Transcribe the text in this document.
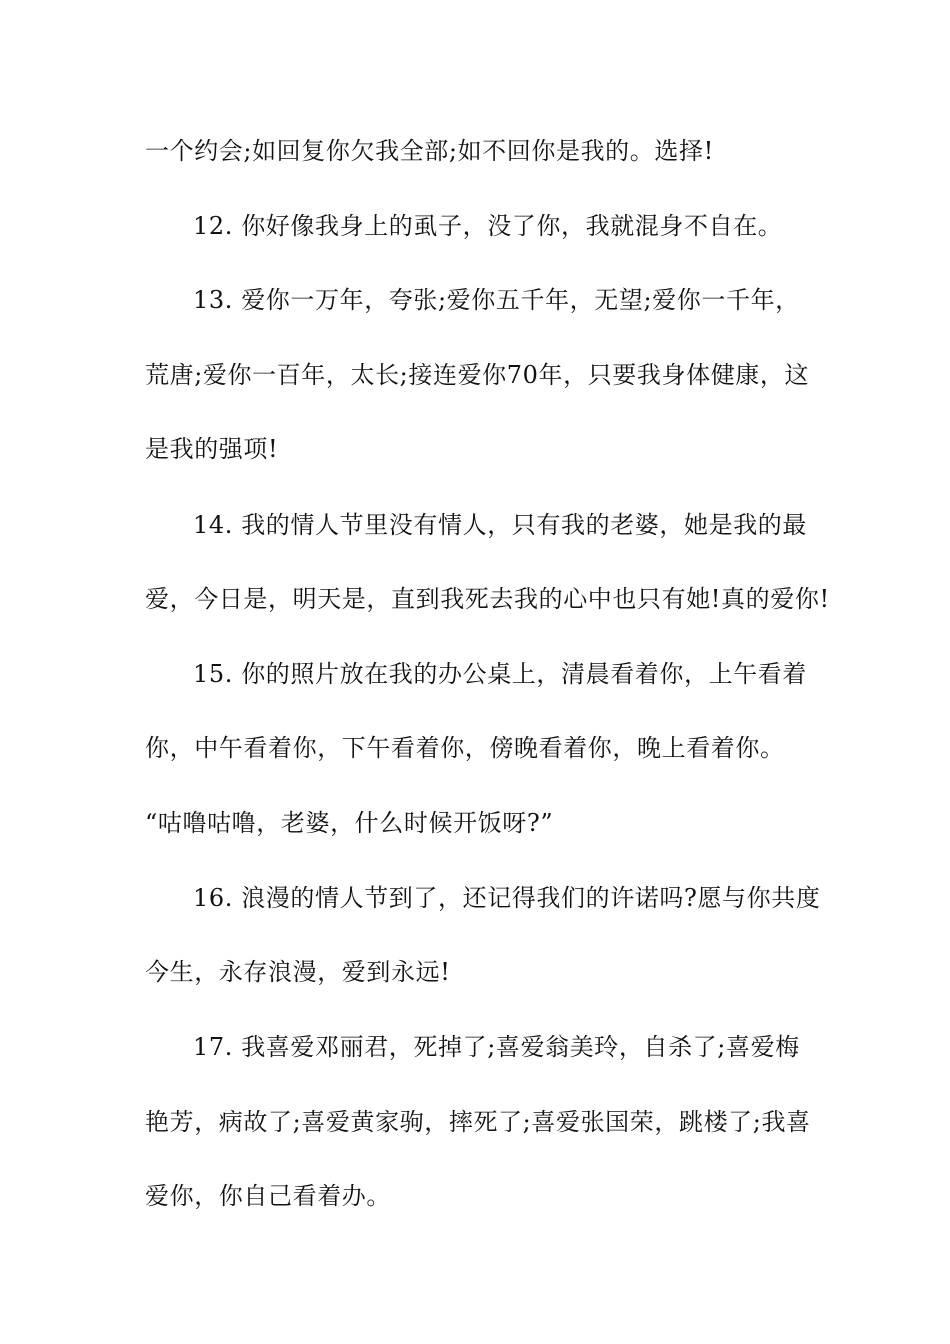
一个约会;如回复你欠我全部;如不回你是我的。选择!
12. 你好像我身上的虱子，没了你，我就混身不自在。
13. 爱你一万年，夸张;爱你五千年，无望;爱你一千年，
荒唐;爱你一百年，太长;接连爱你70年，只要我身体健康，这
是我的强项!
14. 我的情人节里没有情人，只有我的老婆，她是我的最
爱，今日是，明天是，直到我死去我的心中也只有她!真的爱你!
15. 你的照片放在我的办公桌上，清晨看着你，上午看着
你，中午看着你，下午看着你，傍晚看着你，晚上看着你。
“咕噜咕噜，老婆，什么时候开饭呀?”
16. 浪漫的情人节到了，还记得我们的许诺吗?愿与你共度
今生，永存浪漫，爱到永远!
17. 我喜爱邓丽君，死掉了;喜爱翁美玲，自杀了;喜爱梅
艳芳，病故了;喜爱黄家驹，摔死了;喜爱张国荣，跳楼了;我喜
爱你，你自己看着办。
